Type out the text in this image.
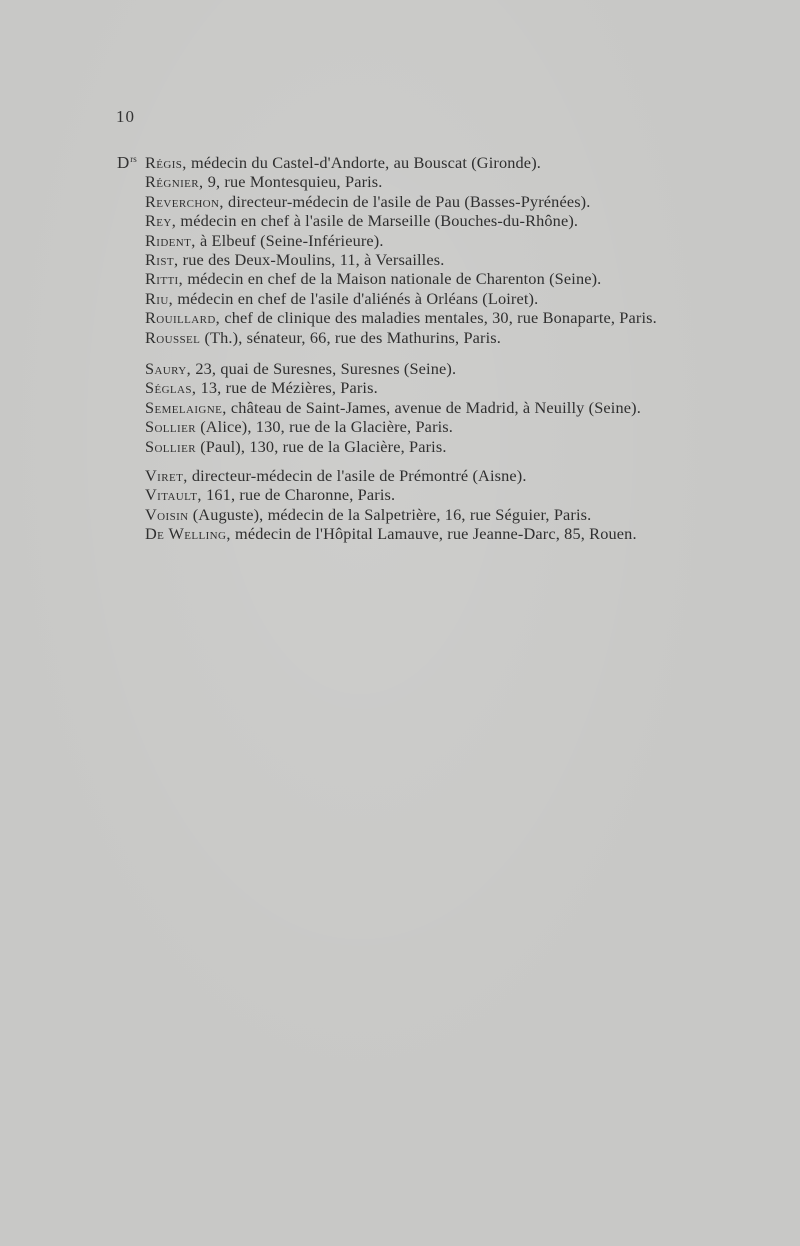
10
$D^{rs}$ Régis, médecin du Castel-d'Andorte, au Bouscat (Gironde).
Régnier, 9, rue Montesquieu, Paris.
Reverchon, directeur-médecin de l'asile de Pau (Basses-Pyrénées).
Rey, médecin en chef à l'asile de Marseille (Bouches-du-Rhône).
Rident, à Elbeuf (Seine-Inférieure).
Rist, rue des Deux-Moulins, 11, à Versailles.
Ritti, médecin en chef de la Maison nationale de Charenton (Seine).
Riu, médecin en chef de l'asile d'aliénés à Orléans (Loiret).
Rouillard, chef de clinique des maladies mentales, 30, rue Bonaparte, Paris.
Roussel (Th.), sénateur, 66, rue des Mathurins, Paris.
Saury, 23, quai de Suresnes, Suresnes (Seine).
Séglas, 13, rue de Mézières, Paris.
Semelaigne, château de Saint-James, avenue de Madrid, à Neuilly (Seine).
Sollier (Alice), 130, rue de la Glacière, Paris.
Sollier (Paul), 130, rue de la Glacière, Paris.
Viret, directeur-médecin de l'asile de Prémontré (Aisne).
Vitault, 161, rue de Charonne, Paris.
Voisin (Auguste), médecin de la Salpetrière, 16, rue Séguier, Paris.
De Welling, médecin de l'Hôpital Lamauve, rue Jeanne-Darc, 85, Rouen.
